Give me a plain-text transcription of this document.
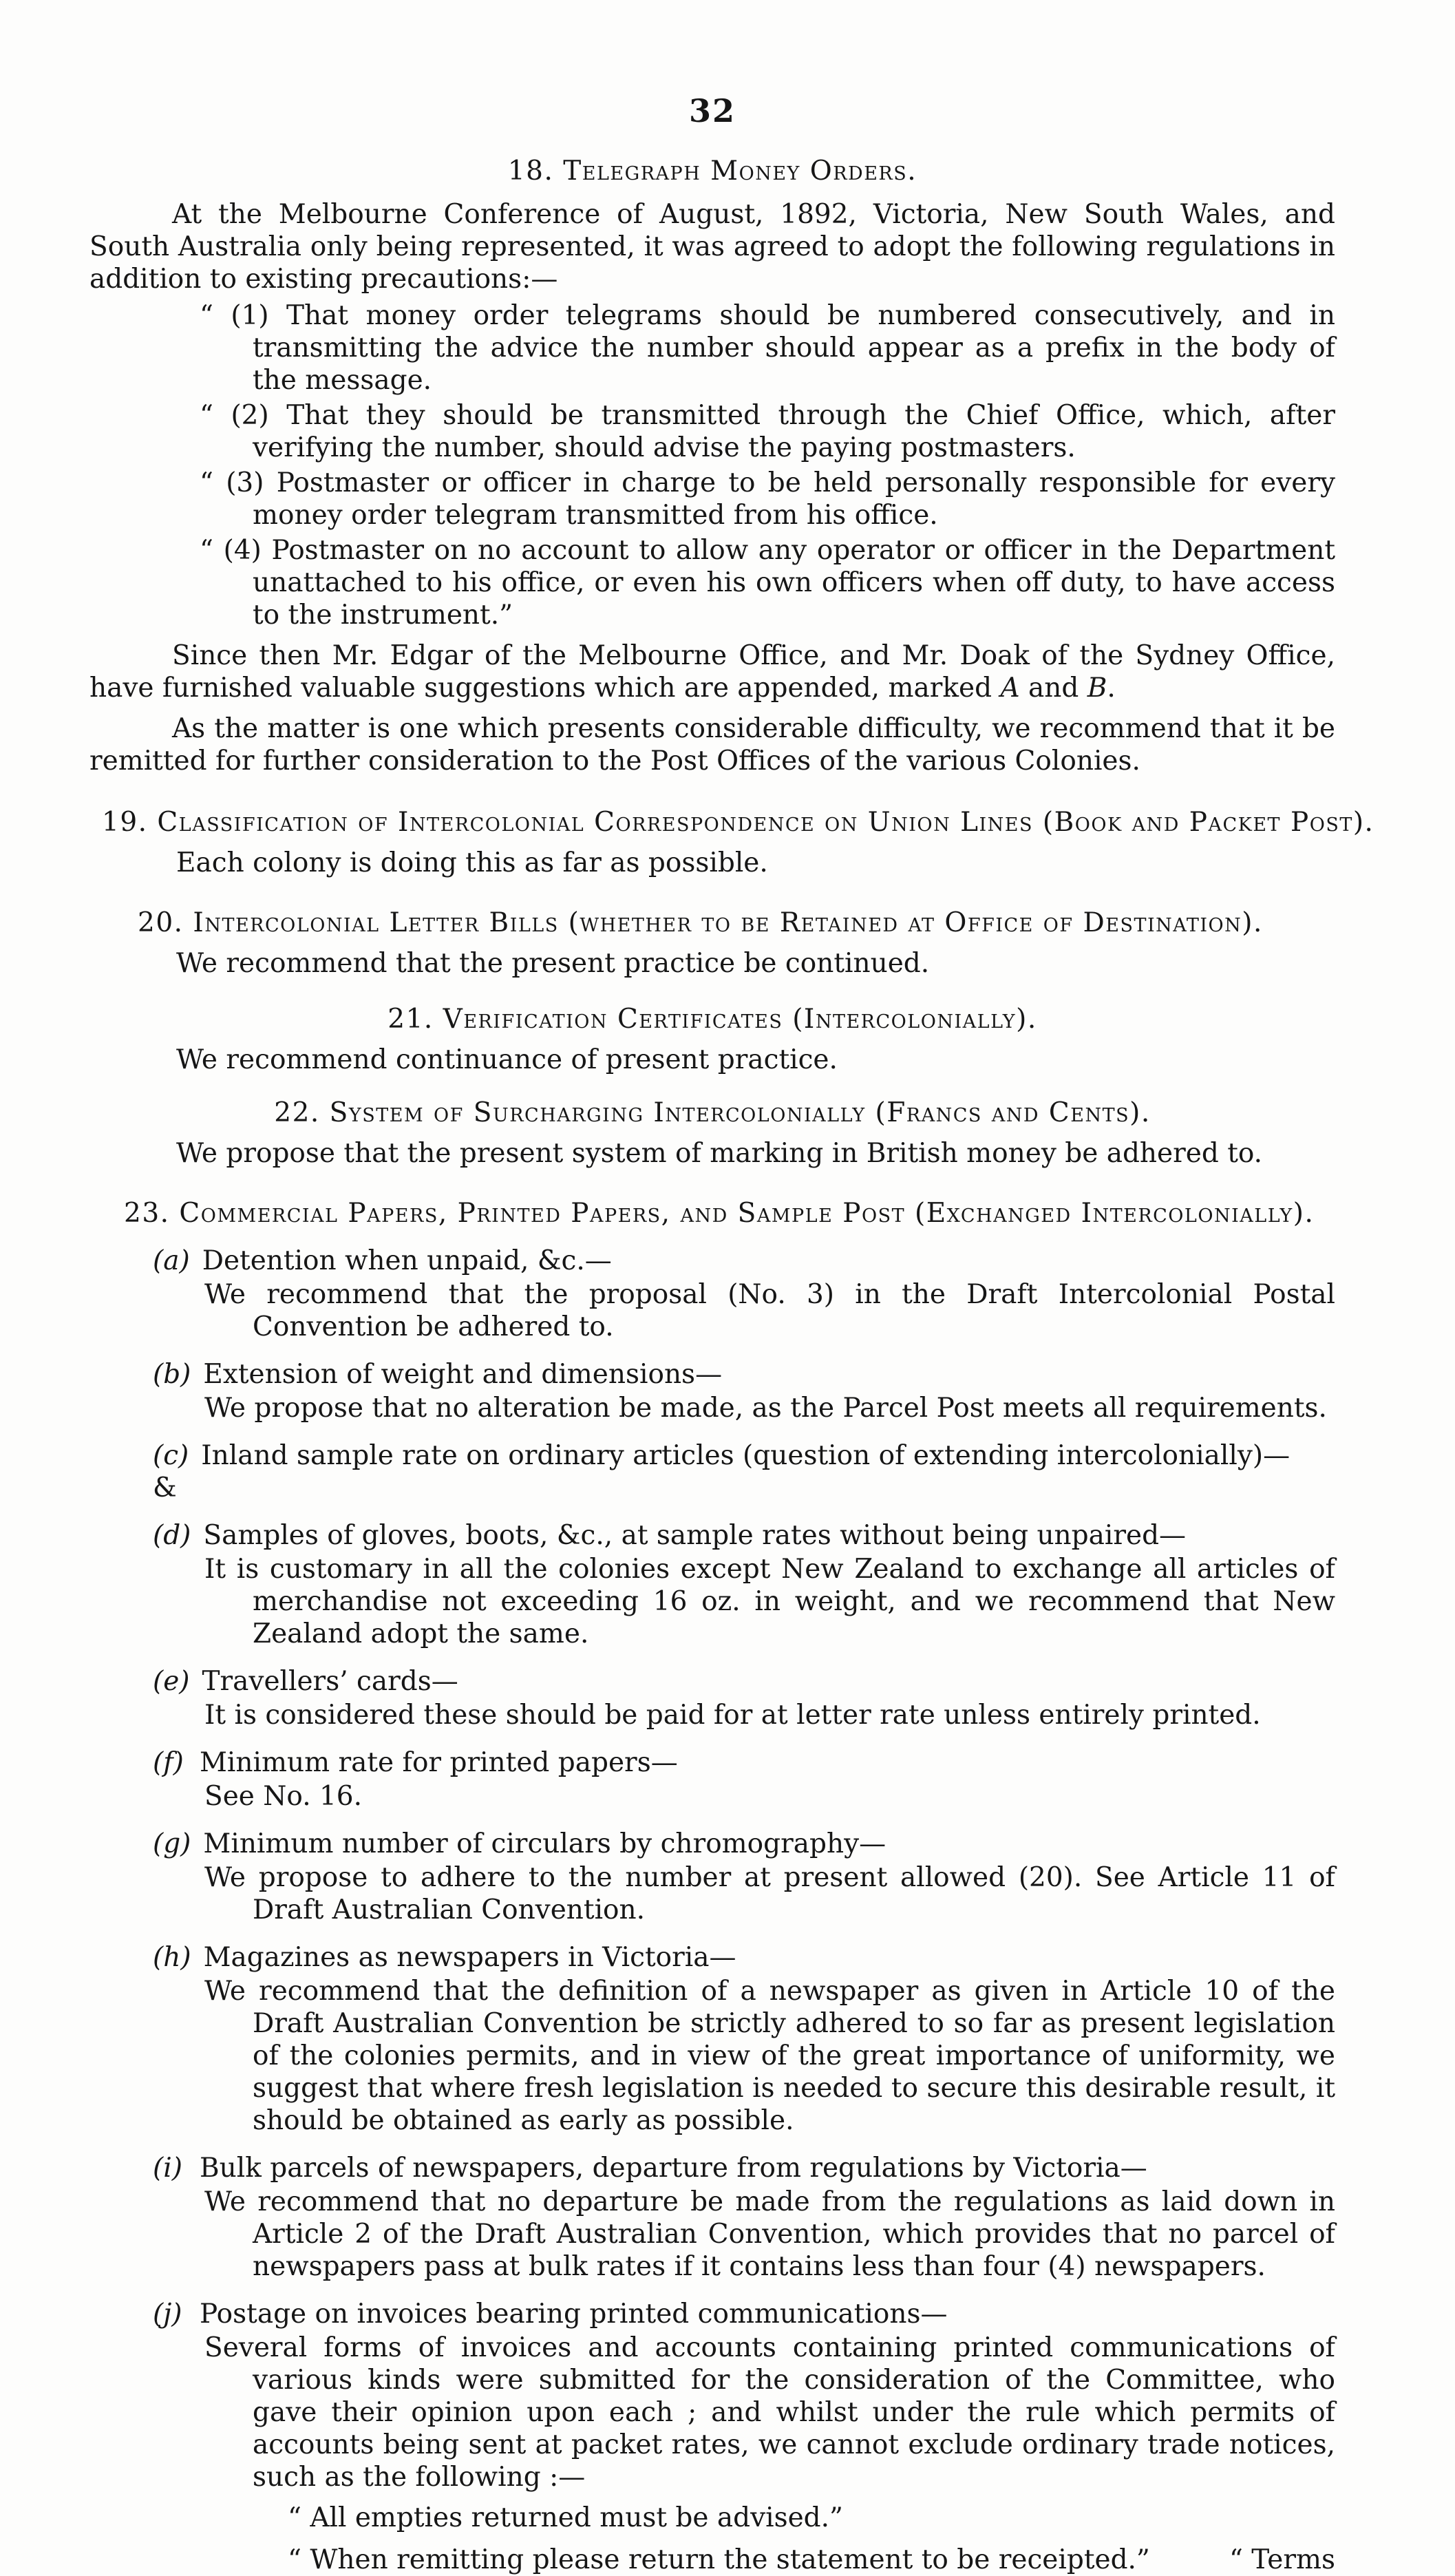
32
18. Telegraph Money Orders.

At the Melbourne Conference of August, 1892, Victoria, New South Wales, and South Australia only being represented, it was agreed to adopt the following regulations in addition to existing precautions:—

“ (1) That money order telegrams should be numbered consecutively, and in transmitting the advice the number should appear as a prefix in the body of the message.

“ (2) That they should be transmitted through the Chief Office, which, after verifying the number, should advise the paying postmasters.

“ (3) Postmaster or officer in charge to be held personally responsible for every money order telegram transmitted from his office.

“ (4) Postmaster on no account to allow any operator or officer in the Department unattached to his office, or even his own officers when off duty, to have access to the instrument.”

Since then Mr. Edgar of the Melbourne Office, and Mr. Doak of the Sydney Office, have furnished valuable suggestions which are appended, marked A and B.

As the matter is one which presents considerable difficulty, we recommend that it be remitted for further consideration to the Post Offices of the various Colonies.

19. Classification of Intercolonial Correspondence on Union Lines (Book and Packet Post).

Each colony is doing this as far as possible.

20. Intercolonial Letter Bills (whether to be Retained at Office of Destination).

We recommend that the present practice be continued.

21. Verification Certificates (Intercolonially).

We recommend continuance of present practice.

22. System of Surcharging Intercolonially (Francs and Cents).

We propose that the present system of marking in British money be adhered to.

23. Commercial Papers, Printed Papers, and Sample Post (Exchanged Intercolonially).
(a) Detention when unpaid, &c.—

We recommend that the proposal (No. 3) in the Draft Intercolonial Postal Convention be adhered to.

(b) Extension of weight and dimensions—

We propose that no alteration be made, as the Parcel Post meets all requirements.

(c) Inland sample rate on ordinary articles (question of extending intercolonially)—
&
(d) Samples of gloves, boots, &c., at sample rates without being unpaired—

It is customary in all the colonies except New Zealand to exchange all articles of merchandise not exceeding 16 oz. in weight, and we recommend that New Zealand adopt the same.

(e) Travellers’ cards—

It is considered these should be paid for at letter rate unless entirely printed.

(f) Minimum rate for printed papers—

See No. 16.

(g) Minimum number of circulars by chromography—

We propose to adhere to the number at present allowed (20). See Article 11 of Draft Australian Convention.

(h) Magazines as newspapers in Victoria—

We recommend that the definition of a newspaper as given in Article 10 of the Draft Australian Convention be strictly adhered to so far as present legislation of the colonies permits, and in view of the great importance of uniformity, we suggest that where fresh legislation is needed to secure this desirable result, it should be obtained as early as possible.

(i) Bulk parcels of newspapers, departure from regulations by Victoria—

We recommend that no departure be made from the regulations as laid down in Article 2 of the Draft Australian Convention, which provides that no parcel of newspapers pass at bulk rates if it contains less than four (4) newspapers.

(j) Postage on invoices bearing printed communications—

Several forms of invoices and accounts containing printed communications of various kinds were submitted for the consideration of the Committee, who gave their opinion upon each ; and whilst under the rule which permits of accounts being sent at packet rates, we cannot exclude ordinary trade notices, such as the following :—

“ All empties returned must be advised.”

“ When remitting please return the statement to be receipted.”	“ Terms
